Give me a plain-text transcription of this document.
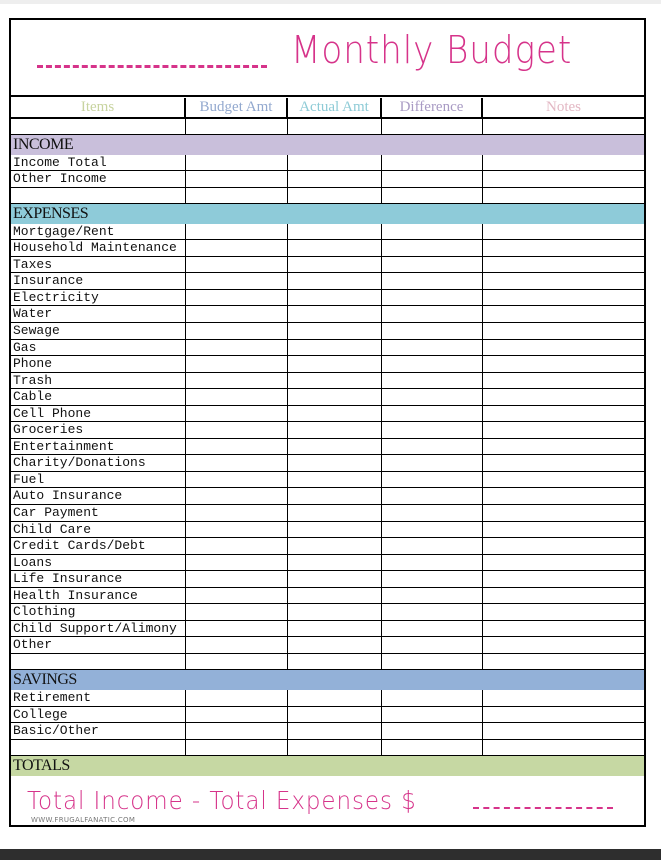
Monthly Budget
Items	Budget Amt	Actual Amt	Difference	Notes
INCOME
Income Total
Other Income
EXPENSES
Mortgage/Rent
Household Maintenance
Taxes
Insurance
Electricity
Water
Sewage
Gas
Phone
Trash
Cable
Cell Phone
Groceries
Entertainment
Charity/Donations
Fuel
Auto Insurance
Car Payment
Child Care
Credit Cards/Debt
Loans
Life Insurance
Health Insurance
Clothing
Child Support/Alimony
Other
SAVINGS
Retirement
College
Basic/Other
TOTALS
Total Income - Total Expenses $
WWW.FRUGALFANATIC.COM
